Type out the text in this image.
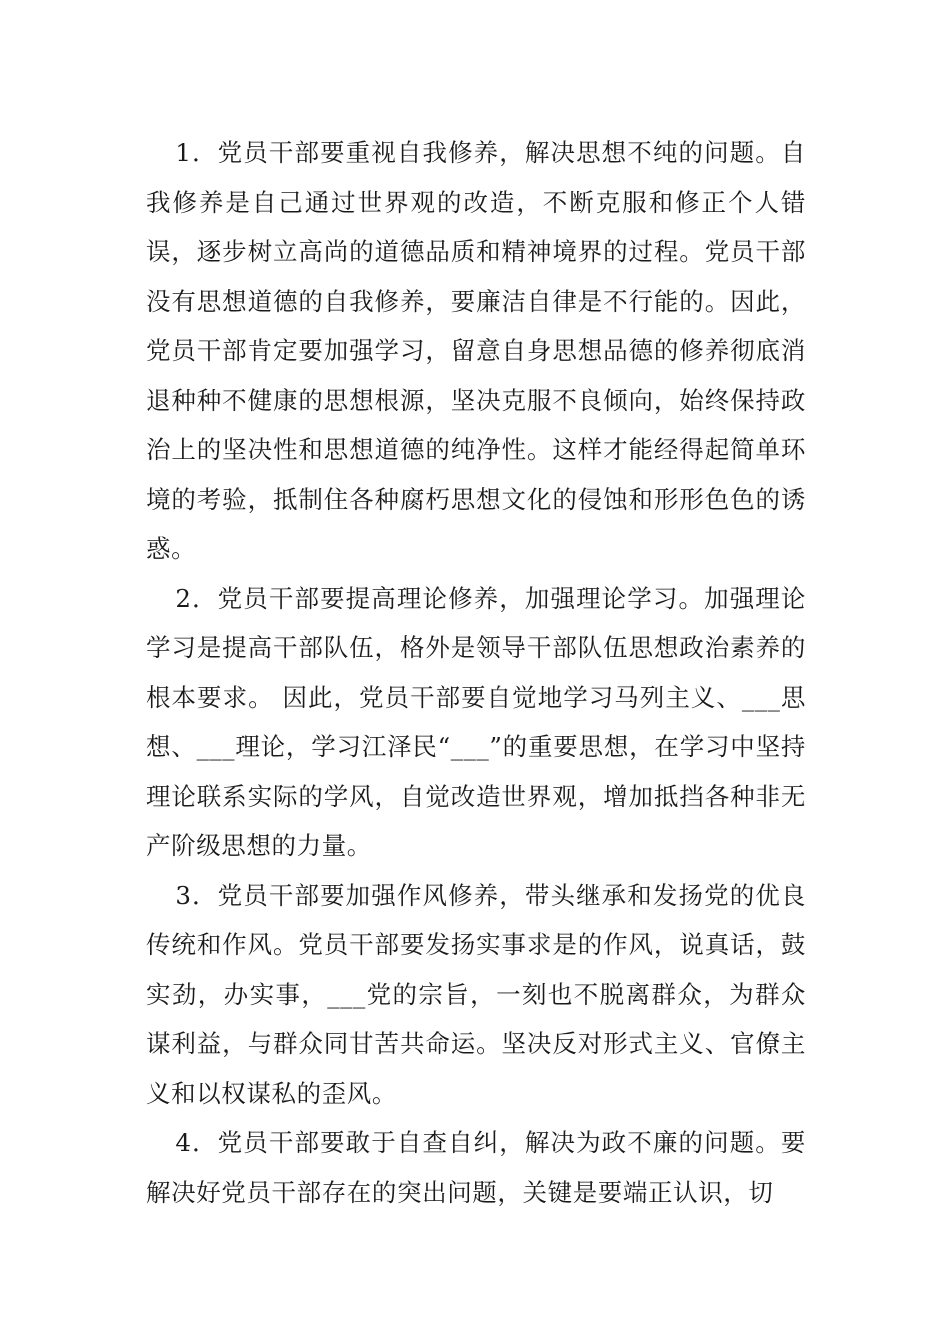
1．党员干部要重视自我修养，解决思想不纯的问题。自我修养是自己通过世界观的改造，不断克服和修正个人错误，逐步树立高尚的道德品质和精神境界的过程。党员干部没有思想道德的自我修养，要廉洁自律是不行能的。因此，党员干部肯定要加强学习，留意自身思想品德的修养彻底消退种种不健康的思想根源，坚决克服不良倾向，始终保持政治上的坚决性和思想道德的纯净性。这样才能经得起简单环境的考验，抵制住各种腐朽思想文化的侵蚀和形形色色的诱惑。

2．党员干部要提高理论修养，加强理论学习。加强理论学习是提高干部队伍，格外是领导干部队伍思想政治素养的根本要求。 因此，党员干部要自觉地学习马列主义、___思想、___理论，学习江泽民“___”的重要思想，在学习中坚持理论联系实际的学风，自觉改造世界观，增加抵挡各种非无产阶级思想的力量。

3．党员干部要加强作风修养，带头继承和发扬党的优良传统和作风。党员干部要发扬实事求是的作风，说真话，鼓实劲，办实事，___党的宗旨，一刻也不脱离群众，为群众谋利益，与群众同甘苦共命运。坚决反对形式主义、官僚主义和以权谋私的歪风。

4．党员干部要敢于自查自纠，解决为政不廉的问题。要解决好党员干部存在的突出问题，关键是要端正认识，切
